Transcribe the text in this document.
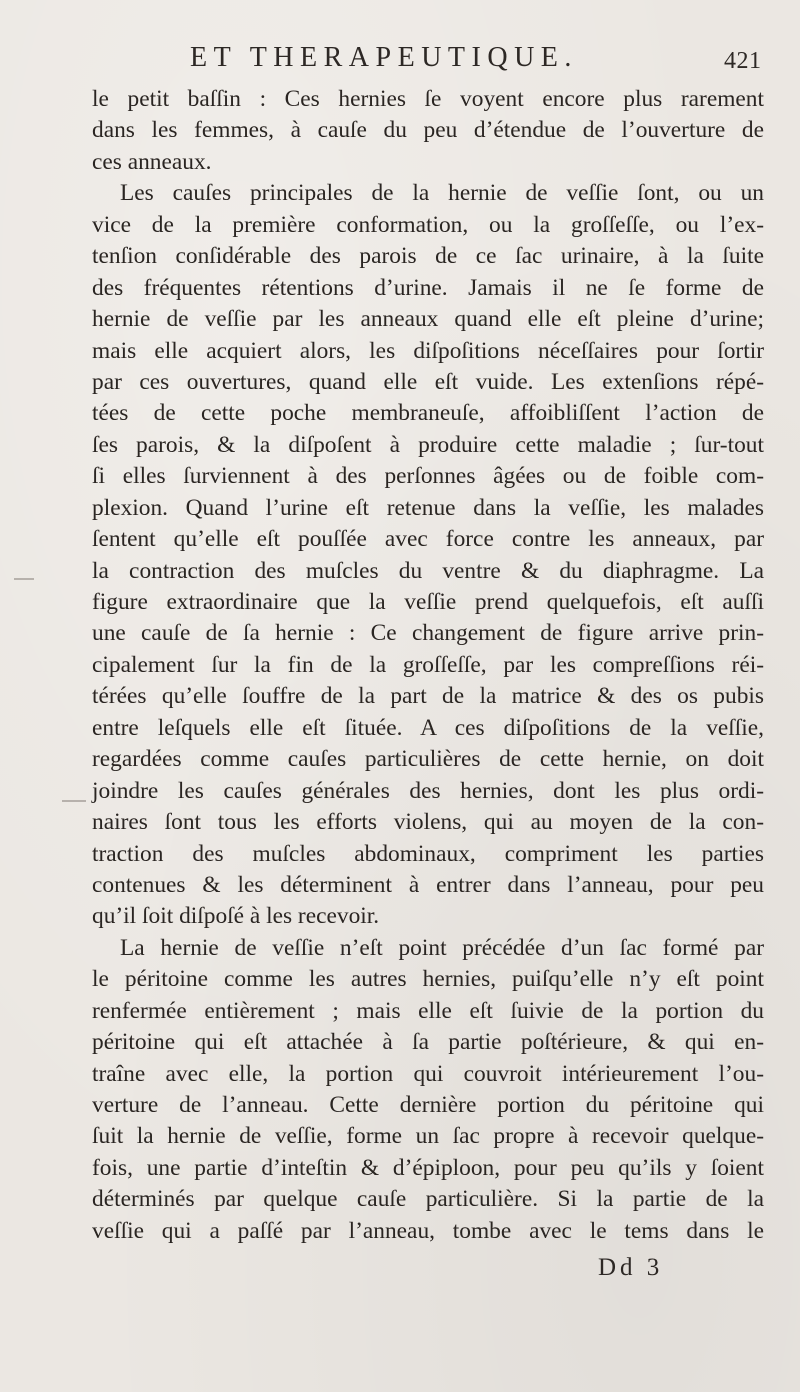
ET THERAPEUTIQUE.	421
le petit baſſin : Ces hernies ſe voyent encore plus rarement
dans les femmes, à cauſe du peu d’étendue de l’ouverture de
ces anneaux.
Les cauſes principales de la hernie de veſſie ſont, ou un
vice de la première conformation, ou la groſſeſſe, ou l’ex-
tenſion conſidérable des parois de ce ſac urinaire, à la ſuite
des fréquentes rétentions d’urine. Jamais il ne ſe forme de
hernie de veſſie par les anneaux quand elle eſt pleine d’urine;
mais elle acquiert alors, les diſpoſitions néceſſaires pour ſortir
par ces ouvertures, quand elle eſt vuide. Les extenſions répé-
tées de cette poche membraneuſe, affoibliſſent l’action de
ſes parois, & la diſpoſent à produire cette maladie ; ſur-tout
ſi elles ſurviennent à des perſonnes âgées ou de foible com-
plexion. Quand l’urine eſt retenue dans la veſſie, les malades
ſentent qu’elle eſt pouſſée avec force contre les anneaux, par
la contraction des muſcles du ventre & du diaphragme. La
figure extraordinaire que la veſſie prend quelquefois, eſt auſſi
une cauſe de ſa hernie : Ce changement de figure arrive prin-
cipalement ſur la fin de la groſſeſſe, par les compreſſions réi-
térées qu’elle ſouffre de la part de la matrice & des os pubis
entre leſquels elle eſt ſituée. A ces diſpoſitions de la veſſie,
regardées comme cauſes particulières de cette hernie, on doit
joindre les cauſes générales des hernies, dont les plus ordi-
naires ſont tous les efforts violens, qui au moyen de la con-
traction des muſcles abdominaux, compriment les parties
contenues & les déterminent à entrer dans l’anneau, pour peu
qu’il ſoit diſpoſé à les recevoir.
La hernie de veſſie n’eſt point précédée d’un ſac formé par
le péritoine comme les autres hernies, puiſqu’elle n’y eſt point
renfermée entièrement ; mais elle eſt ſuivie de la portion du
péritoine qui eſt attachée à ſa partie poſtérieure, & qui en-
traîne avec elle, la portion qui couvroit intérieurement l’ou-
verture de l’anneau. Cette dernière portion du péritoine qui
ſuit la hernie de veſſie, forme un ſac propre à recevoir quelque-
fois, une partie d’inteſtin & d’épiploon, pour peu qu’ils y ſoient
déterminés par quelque cauſe particulière. Si la partie de la
veſſie qui a paſſé par l’anneau, tombe avec le tems dans le
Dd 3
